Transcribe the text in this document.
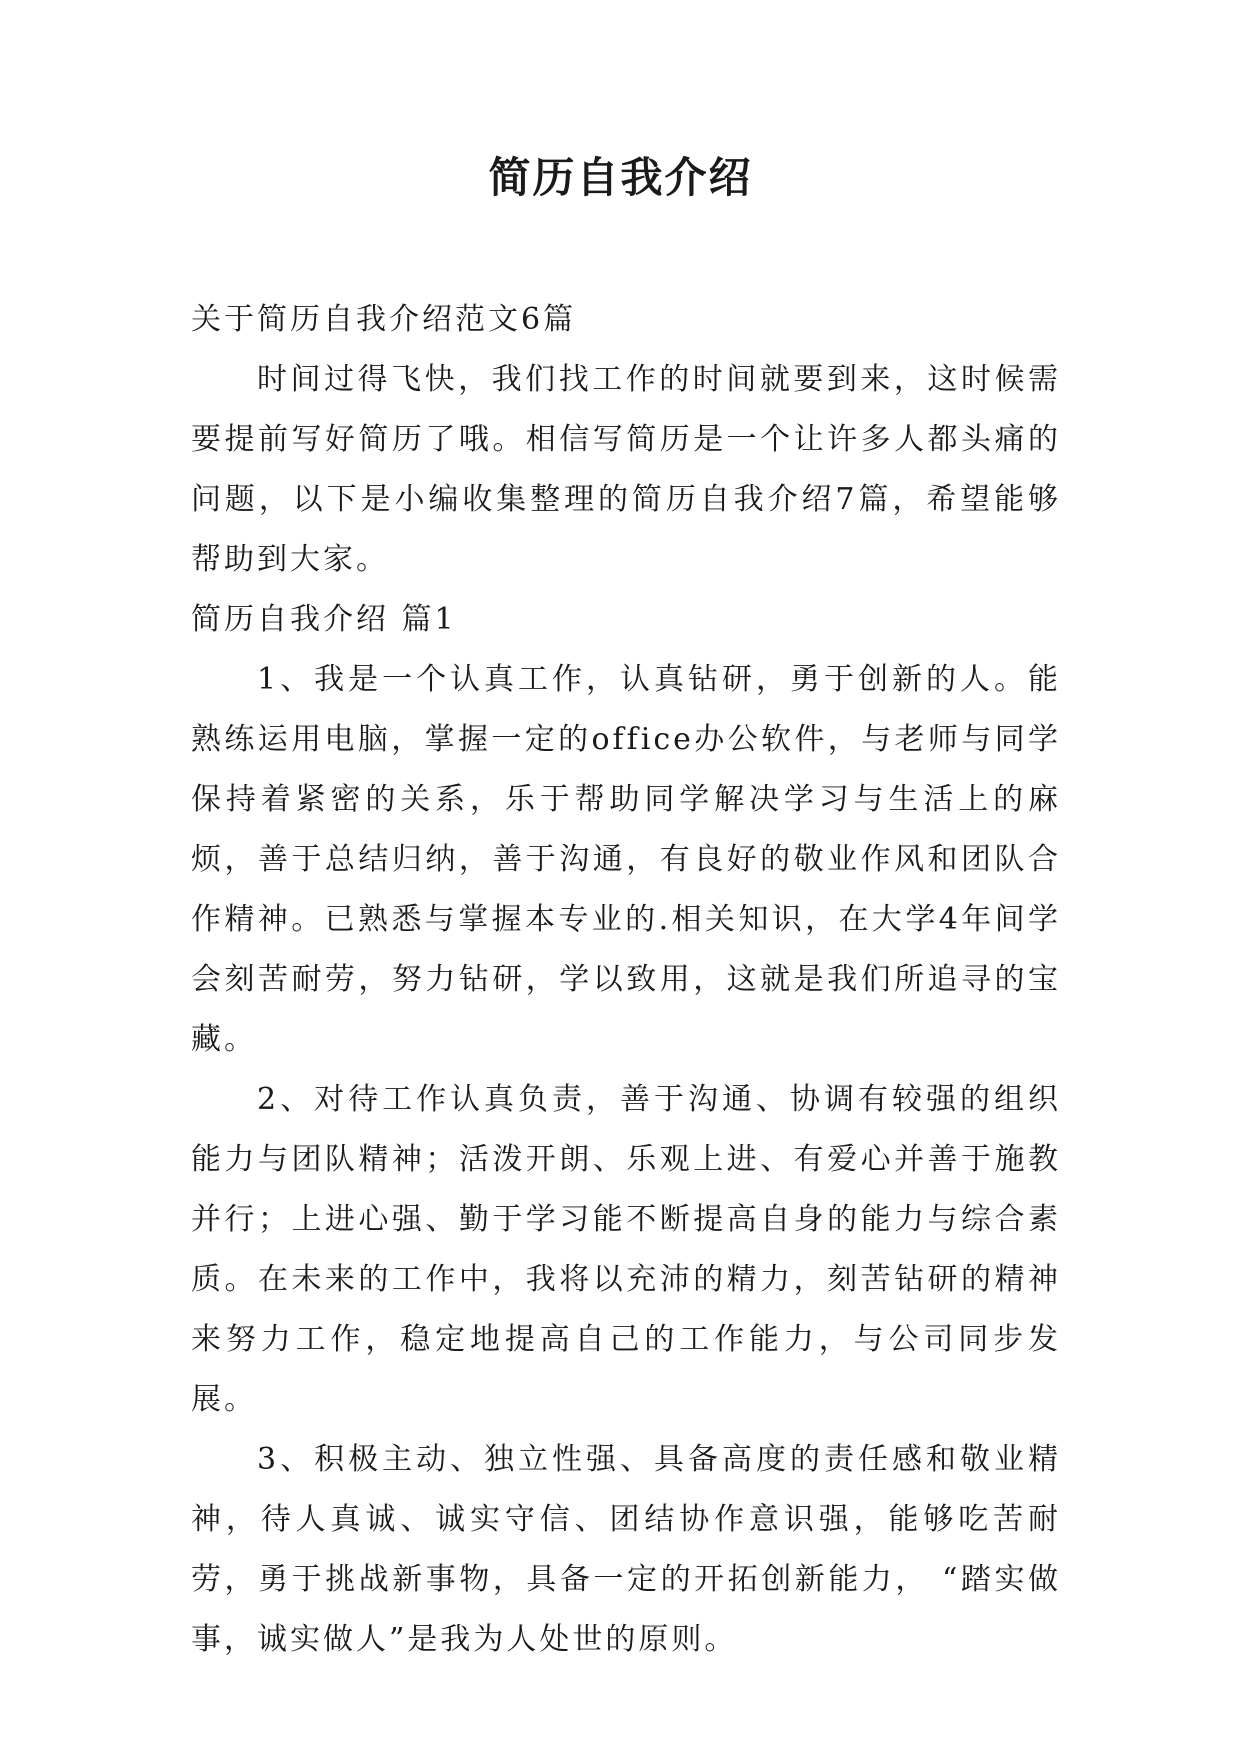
简历自我介绍

关于简历自我介绍范文6篇

时间过得飞快，我们找工作的时间就要到来，这时候需要提前写好简历了哦。相信写简历是一个让许多人都头痛的问题，以下是小编收集整理的简历自我介绍7篇，希望能够帮助到大家。

简历自我介绍 篇1

1、我是一个认真工作，认真钻研，勇于创新的人。能熟练运用电脑，掌握一定的office办公软件，与老师与同学保持着紧密的关系，乐于帮助同学解决学习与生活上的麻烦，善于总结归纳，善于沟通，有良好的敬业作风和团队合作精神。已熟悉与掌握本专业的.相关知识，在大学4年间学会刻苦耐劳，努力钻研，学以致用，这就是我们所追寻的宝藏。

2、对待工作认真负责，善于沟通、协调有较强的组织能力与团队精神；活泼开朗、乐观上进、有爱心并善于施教并行；上进心强、勤于学习能不断提高自身的能力与综合素质。在未来的工作中，我将以充沛的精力，刻苦钻研的精神来努力工作，稳定地提高自己的工作能力，与公司同步发展。

3、积极主动、独立性强、具备高度的责任感和敬业精神，待人真诚、诚实守信、团结协作意识强，能够吃苦耐劳，勇于挑战新事物，具备一定的开拓创新能力， “踏实做事，诚实做人”是我为人处世的原则。
